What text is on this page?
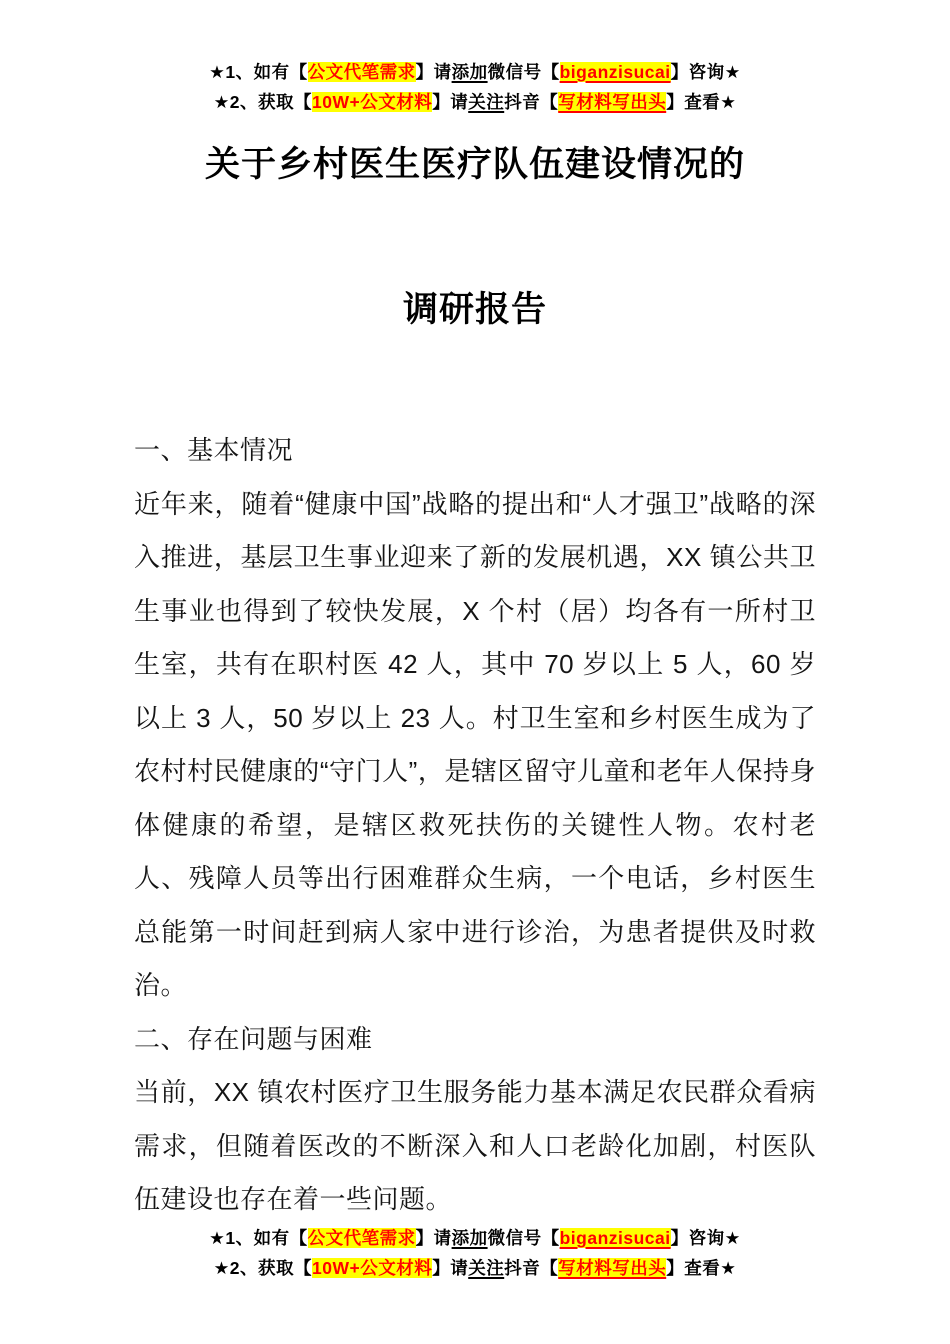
★1、如有【公文代笔需求】请添加微信号【biganzisucai】咨询★
★2、获取【10W+公文材料】请关注抖音【写材料写出头】查看★
关于乡村医生医疗队伍建设情况的
调研报告

一、基本情况

近年来，随着“健康中国”战略的提出和“人才强卫”战略的深入推进，基层卫生事业迎来了新的发展机遇，XX 镇公共卫生事业也得到了较快发展，X 个村（居）均各有一所村卫生室，共有在职村医 42 人，其中 70 岁以上 5 人，60 岁以上 3 人，50 岁以上 23 人。村卫生室和乡村医生成为了农村村民健康的“守门人”，是辖区留守儿童和老年人保持身体健康的希望，是辖区救死扶伤的关键性人物。农村老人、残障人员等出行困难群众生病，一个电话，乡村医生总能第一时间赶到病人家中进行诊治，为患者提供及时救治。

二、存在问题与困难

当前，XX 镇农村医疗卫生服务能力基本满足农民群众看病需求，但随着医改的不断深入和人口老龄化加剧，村医队伍建设也存在着一些问题。

★1、如有【公文代笔需求】请添加微信号【biganzisucai】咨询★
★2、获取【10W+公文材料】请关注抖音【写材料写出头】查看★
